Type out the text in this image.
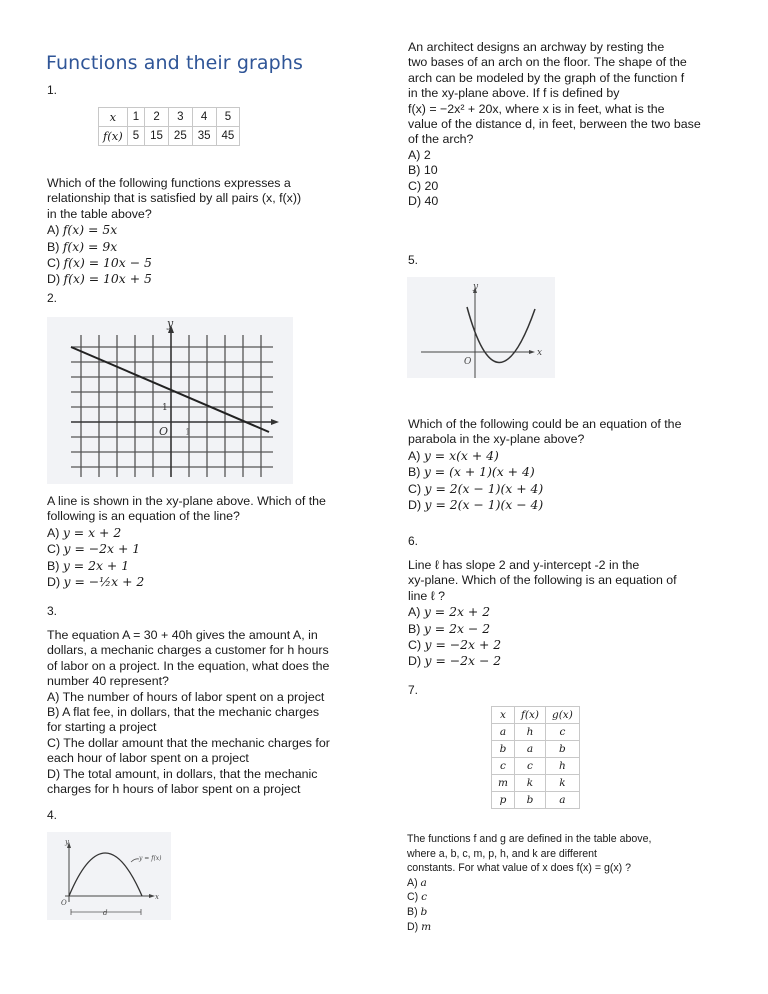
Functions and their graphs
1.
x	1	2	3	4	5
f(x)	5	15	25	35	45
Which of the following functions expresses a
relationship that is satisfied by all pairs (x, f(x))
in the table above?
A) f(x) = 5x
B) f(x) = 9x
C) f(x) = 10x − 5
D) f(x) = 10x + 5
2.
y
O
1
1
A line is shown in the xy-plane above. Which of the
following is an equation of the line?
A) y = x + 2
C) y = −2x + 1
B) y = 2x + 1
D) y = −½x + 2
3.
The equation A = 30 + 40h gives the amount A, in
dollars, a mechanic charges a customer for h hours
of labor on a project. In the equation, what does the
number 40 represent?
A) The number of hours of labor spent on a project
B) A flat fee, in dollars, that the mechanic charges
for starting a project
C) The dollar amount that the mechanic charges for
each hour of labor spent on a project
D) The total amount, in dollars, that the mechanic
charges for h hours of labor spent on a project
4.
y
x
O
y = f(x)
d
An architect designs an archway by resting the
two bases of an arch on the floor. The shape of the
arch can be modeled by the graph of the function f
in the xy-plane above. If f is defined by
f(x) = −2x² + 20x, where x is in feet, what is the
value of the distance d, in feet, berween the two base
of the arch?
A) 2
B) 10
C) 20
D) 40
5.
y
x
O
Which of the following could be an equation of the
parabola in the xy-plane above?
A) y = x(x + 4)
B) y = (x + 1)(x + 4)
C) y = 2(x − 1)(x + 4)
D) y = 2(x − 1)(x − 4)
6.
Line ℓ has slope 2 and y-intercept -2 in the
xy-plane. Which of the following is an equation of
line ℓ ?
A) y = 2x + 2
B) y = 2x − 2
C) y = −2x + 2
D) y = −2x − 2
7.
x	f(x)	g(x)
a	h	c
b	a	b
c	c	h
m	k	k
p	b	a
The functions f and g are defined in the table above,
where a, b, c, m, p, h, and k are different
constants. For what value of x does f(x) = g(x) ?
A) a
C) c
B) b
D) m
